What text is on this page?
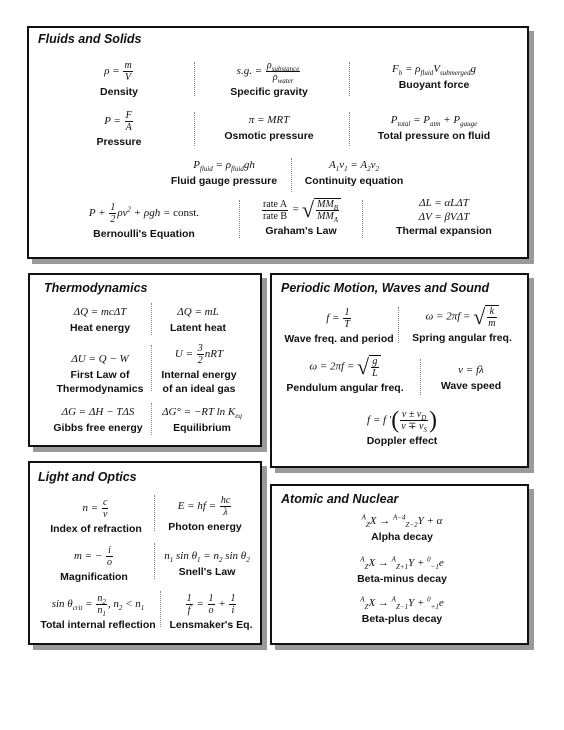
Fluids and Solids
$\rho = \frac{m}{V}$
Density
s.g. = $\frac{\rho_{substance}}{\rho_{water}}$
Specific gravity
$F_b = \rho_{fluid}V_{submerged}g$
Buoyant force
$P = \frac{F}{A}$
Pressure
π = MRT
Osmotic pressure
$P_{total} = P_{atm} + P_{gauge}$
Total pressure on fluid
$P_{fluid} = \rho_{fluid}gh$
Fluid gauge pressure
$A_1v_1 = A_2v_2$
Continuity equation
$P + \frac{1}{2} \rho v^2 + \rho gh$ = const.
Bernoulli's Equation
$\frac{\text{rate A}}{\text{rate B}}$ = √ $\frac{MM_B}{MM_A}$
Graham's Law
ΔL = αLΔT
ΔV = βVΔT
Thermal expansion
Thermodynamics
ΔQ = mcΔT
Heat energy
ΔQ = mL
Latent heat
ΔU = Q − W
First Law of
Thermodynamics
$U = \frac{3}{2}$ nRT
Internal energy
of an ideal gas
ΔG = ΔH − TΔS
Gibbs free energy
ΔG° = −RT $\ln K_{eq}$
Equilibrium
Periodic Motion, Waves and Sound
$f = \frac{1}{T}$
Wave freq. and period
ω = 2πf = √ $\frac{k}{m}$
Spring angular freq.
ω = 2πf = √ $\frac{g}{L}$
Pendulum angular freq.
v = fλ
Wave speed
f = f ′( $\frac{v \pm v_D}{v \mp v_S}$ )
Doppler effect
Light and Optics
$n = \frac{c}{v}$
Index of refraction
E = hf = $\frac{hc}{\lambda}$
Photon energy
m = − $\frac{i}{o}$
Magnification
$n_1$ $\sin \theta_1 = n_2$ $\sin \theta_2$
Snell's Law
$\sin \theta_{crit} = \frac{n_2}{n_1}$ , $n_2 < n_1$
Total internal reflection
$\frac{1}{f} = \frac{1}{o} + \frac{1}{i}$
Lensmaker's Eq.
Atomic and Nuclear
$^A_Z$X → $^{A-4}_{Z-2}$Y + α
Alpha decay
$^A_Z$X → $^A_{Z+1}$Y + $^0_{-1}$e
Beta-minus decay
$^A_Z$X → $^A_{Z-1}$Y + $^0_{+1}$e
Beta-plus decay
